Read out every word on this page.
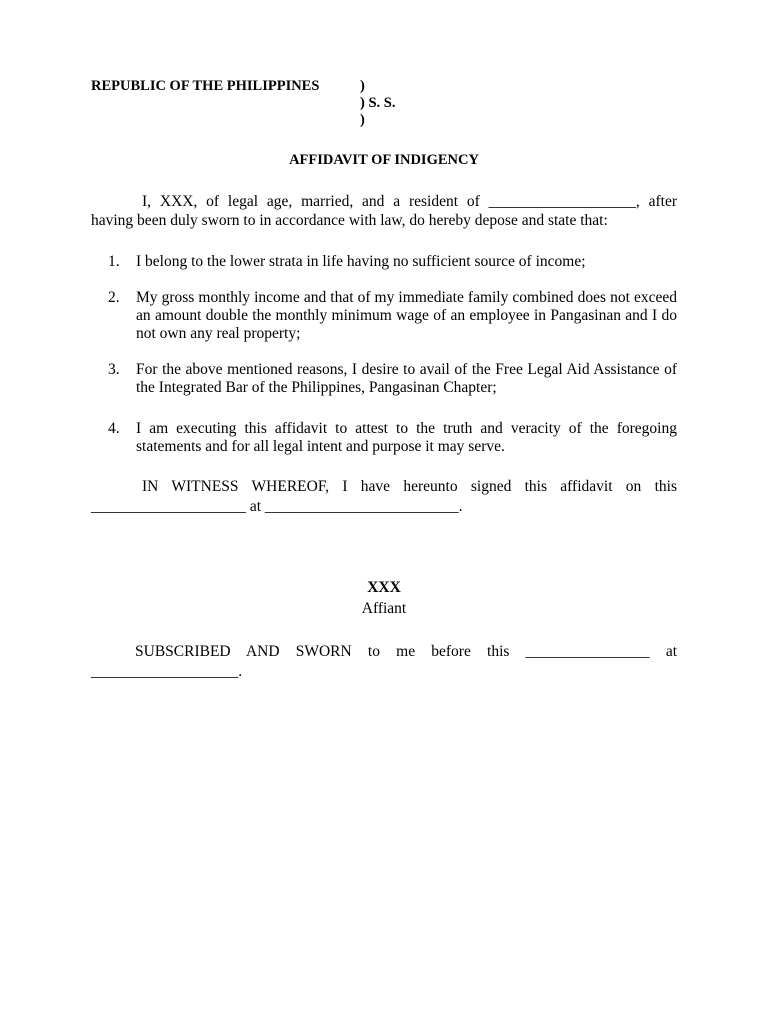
REPUBLIC OF THE PHILIPPINES

	)

) S. S.

)

AFFIDAVIT OF INDIGENCY
I, XXX, of legal age, married, and a resident of ___________________, after
having been duly sworn to in accordance with law, do hereby depose and state that:
1. I belong to the lower strata in life having no sufficient source of income;
2. My gross monthly income and that of my immediate family combined does not exceed an amount double the monthly minimum wage of an employee in Pangasinan and I do not own any real property;
3. For the above mentioned reasons, I desire to avail of the Free Legal Aid Assistance of the Integrated Bar of the Philippines, Pangasinan Chapter;
4. I am executing this affidavit to attest to the truth and veracity of the foregoing statements and for all legal intent and purpose it may serve.
IN WITNESS WHEREOF, I have hereunto signed this affidavit on this
____________________ at _________________________.
XXX
Affiant
SUBSCRIBED AND SWORN to me before this ________________ at
___________________.
